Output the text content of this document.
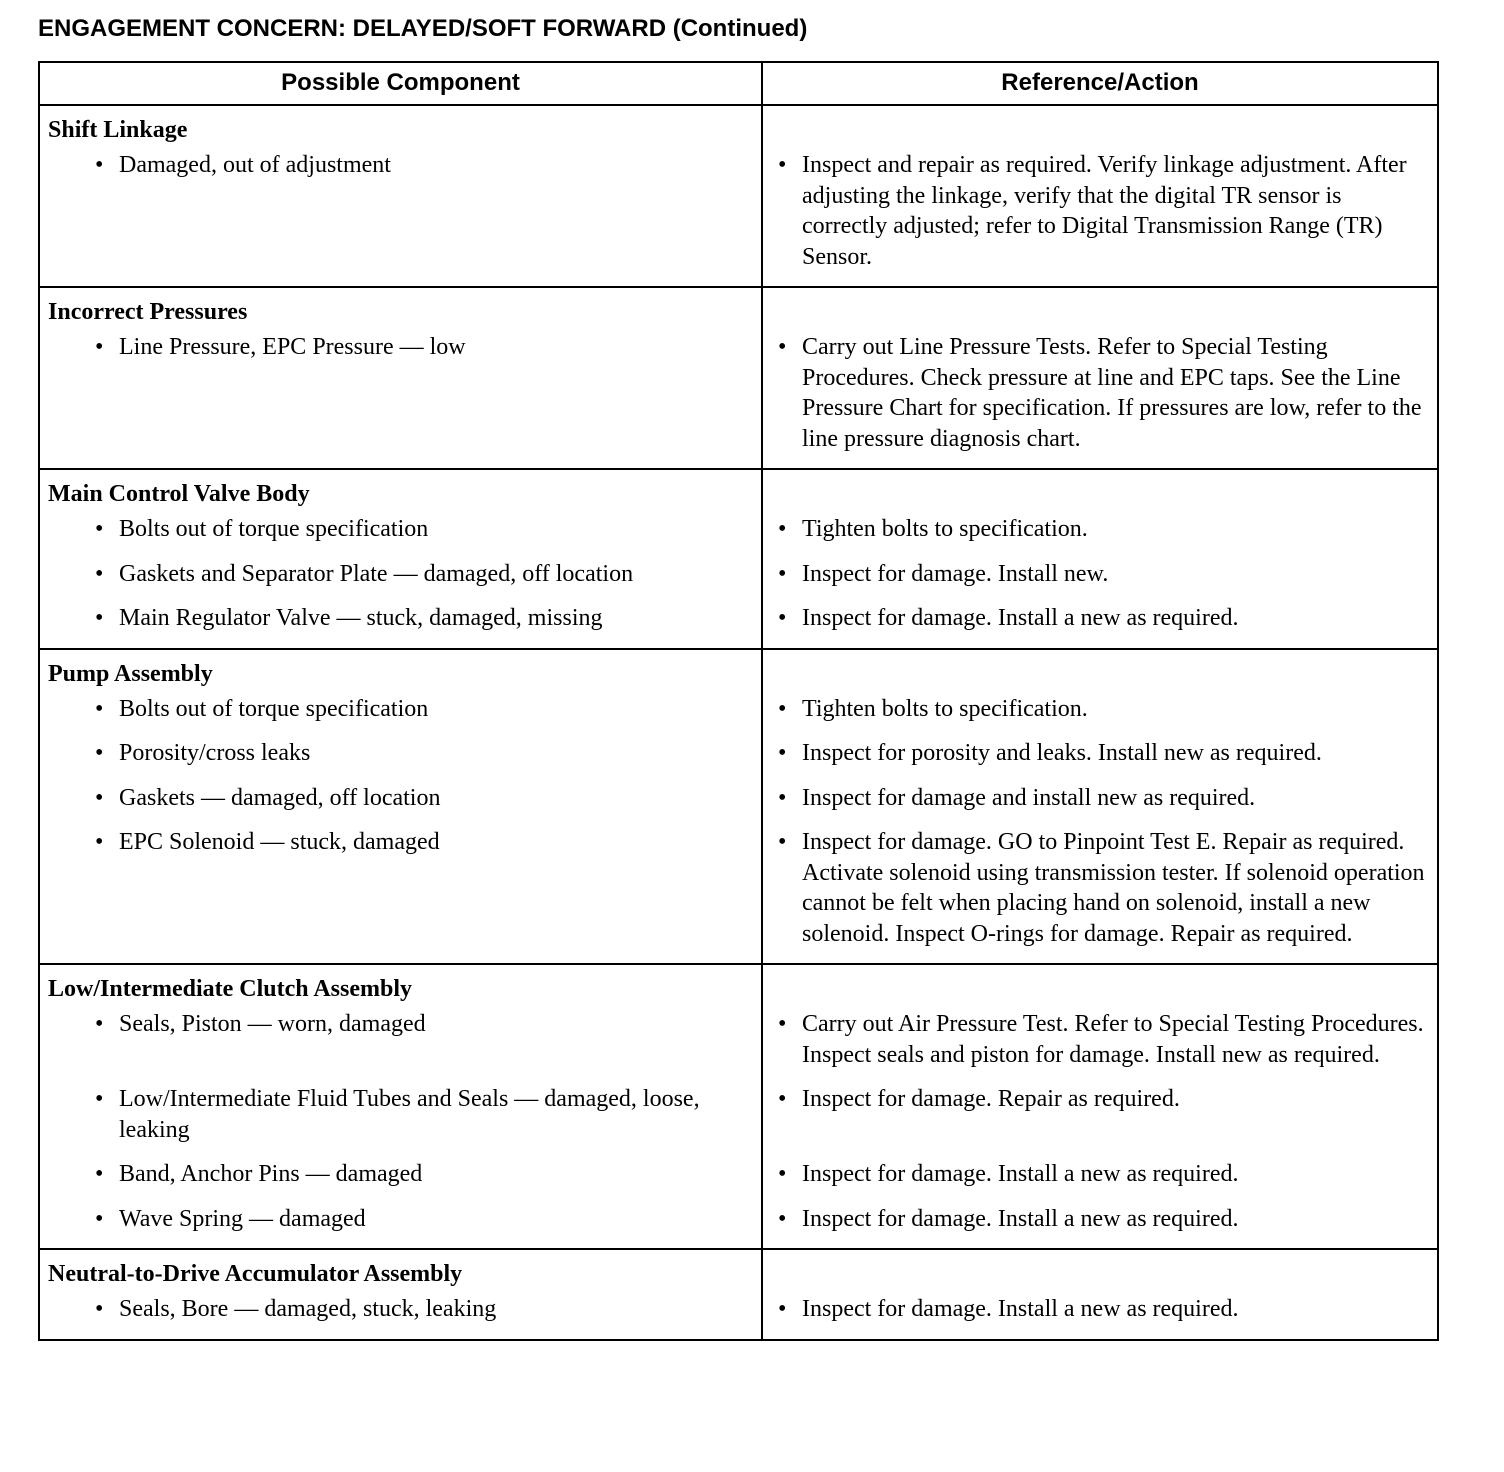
ENGAGEMENT CONCERN: DELAYED/SOFT FORWARD (Continued)
Possible Component	Reference/Action

Shift Linkage	

• Damaged, out of adjustment	• Inspect and repair as required. Verify linkage adjustment. After adjusting the linkage, verify that the digital TR sensor is correctly adjusted; refer to Digital Transmission Range (TR) Sensor.

Incorrect Pressures	

• Line Pressure, EPC Pressure — low	• Carry out Line Pressure Tests. Refer to Special Testing Procedures. Check pressure at line and EPC taps. See the Line Pressure Chart for specification. If pressures are low, refer to the line pressure diagnosis chart.

Main Control Valve Body	

• Bolts out of torque specification	• Tighten bolts to specification.

• Gaskets and Separator Plate — damaged, off location	• Inspect for damage. Install new.

• Main Regulator Valve — stuck, damaged, missing	• Inspect for damage. Install a new as required.

Pump Assembly	

• Bolts out of torque specification	• Tighten bolts to specification.

• Porosity/cross leaks	• Inspect for porosity and leaks. Install new as required.

• Gaskets — damaged, off location	• Inspect for damage and install new as required.

• EPC Solenoid — stuck, damaged	• Inspect for damage. GO to Pinpoint Test E. Repair as required. Activate solenoid using transmission tester. If solenoid operation cannot be felt when placing hand on solenoid, install a new solenoid. Inspect O-rings for damage. Repair as required.

Low/Intermediate Clutch Assembly	

• Seals, Piston — worn, damaged	• Carry out Air Pressure Test. Refer to Special Testing Procedures. Inspect seals and piston for damage. Install new as required.

• Low/Intermediate Fluid Tubes and Seals — damaged, loose, leaking	• Inspect for damage. Repair as required.

• Band, Anchor Pins — damaged	• Inspect for damage. Install a new as required.

• Wave Spring — damaged	• Inspect for damage. Install a new as required.

Neutral-to-Drive Accumulator Assembly	

• Seals, Bore — damaged, stuck, leaking	• Inspect for damage. Install a new as required.
